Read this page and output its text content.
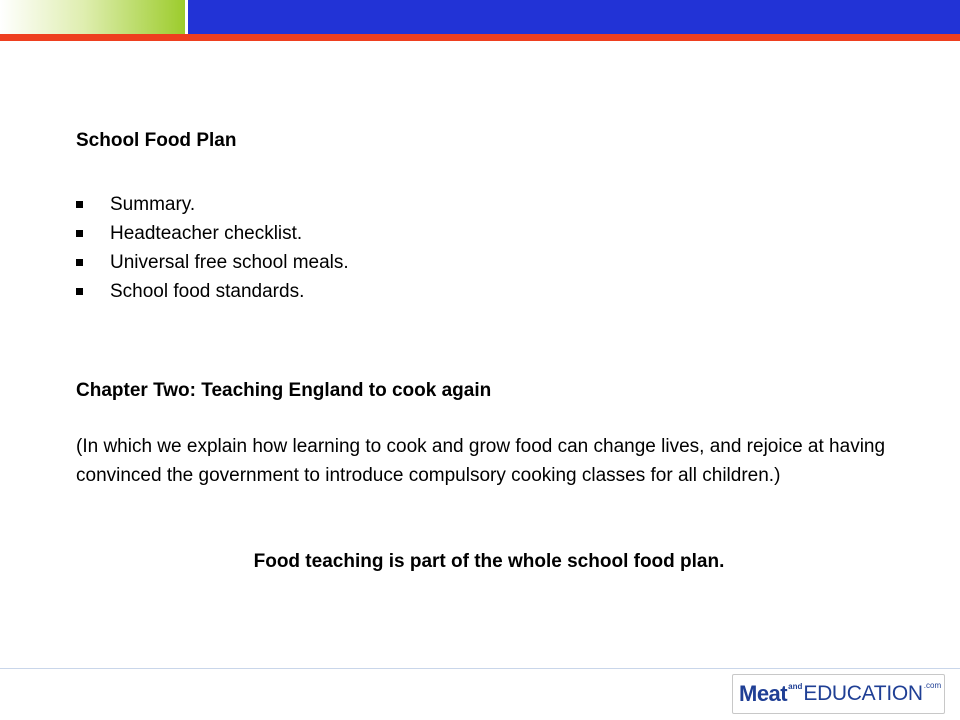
School Food Plan
Summary.
Headteacher checklist.
Universal free school meals.
School food standards.
Chapter Two: Teaching England to cook again

(In which we explain how learning to cook and grow food can change lives, and rejoice at having convinced the government to introduce compulsory cooking classes for all children.)

Food teaching is part of the whole school food plan.

Meat and EDUCATION .com
